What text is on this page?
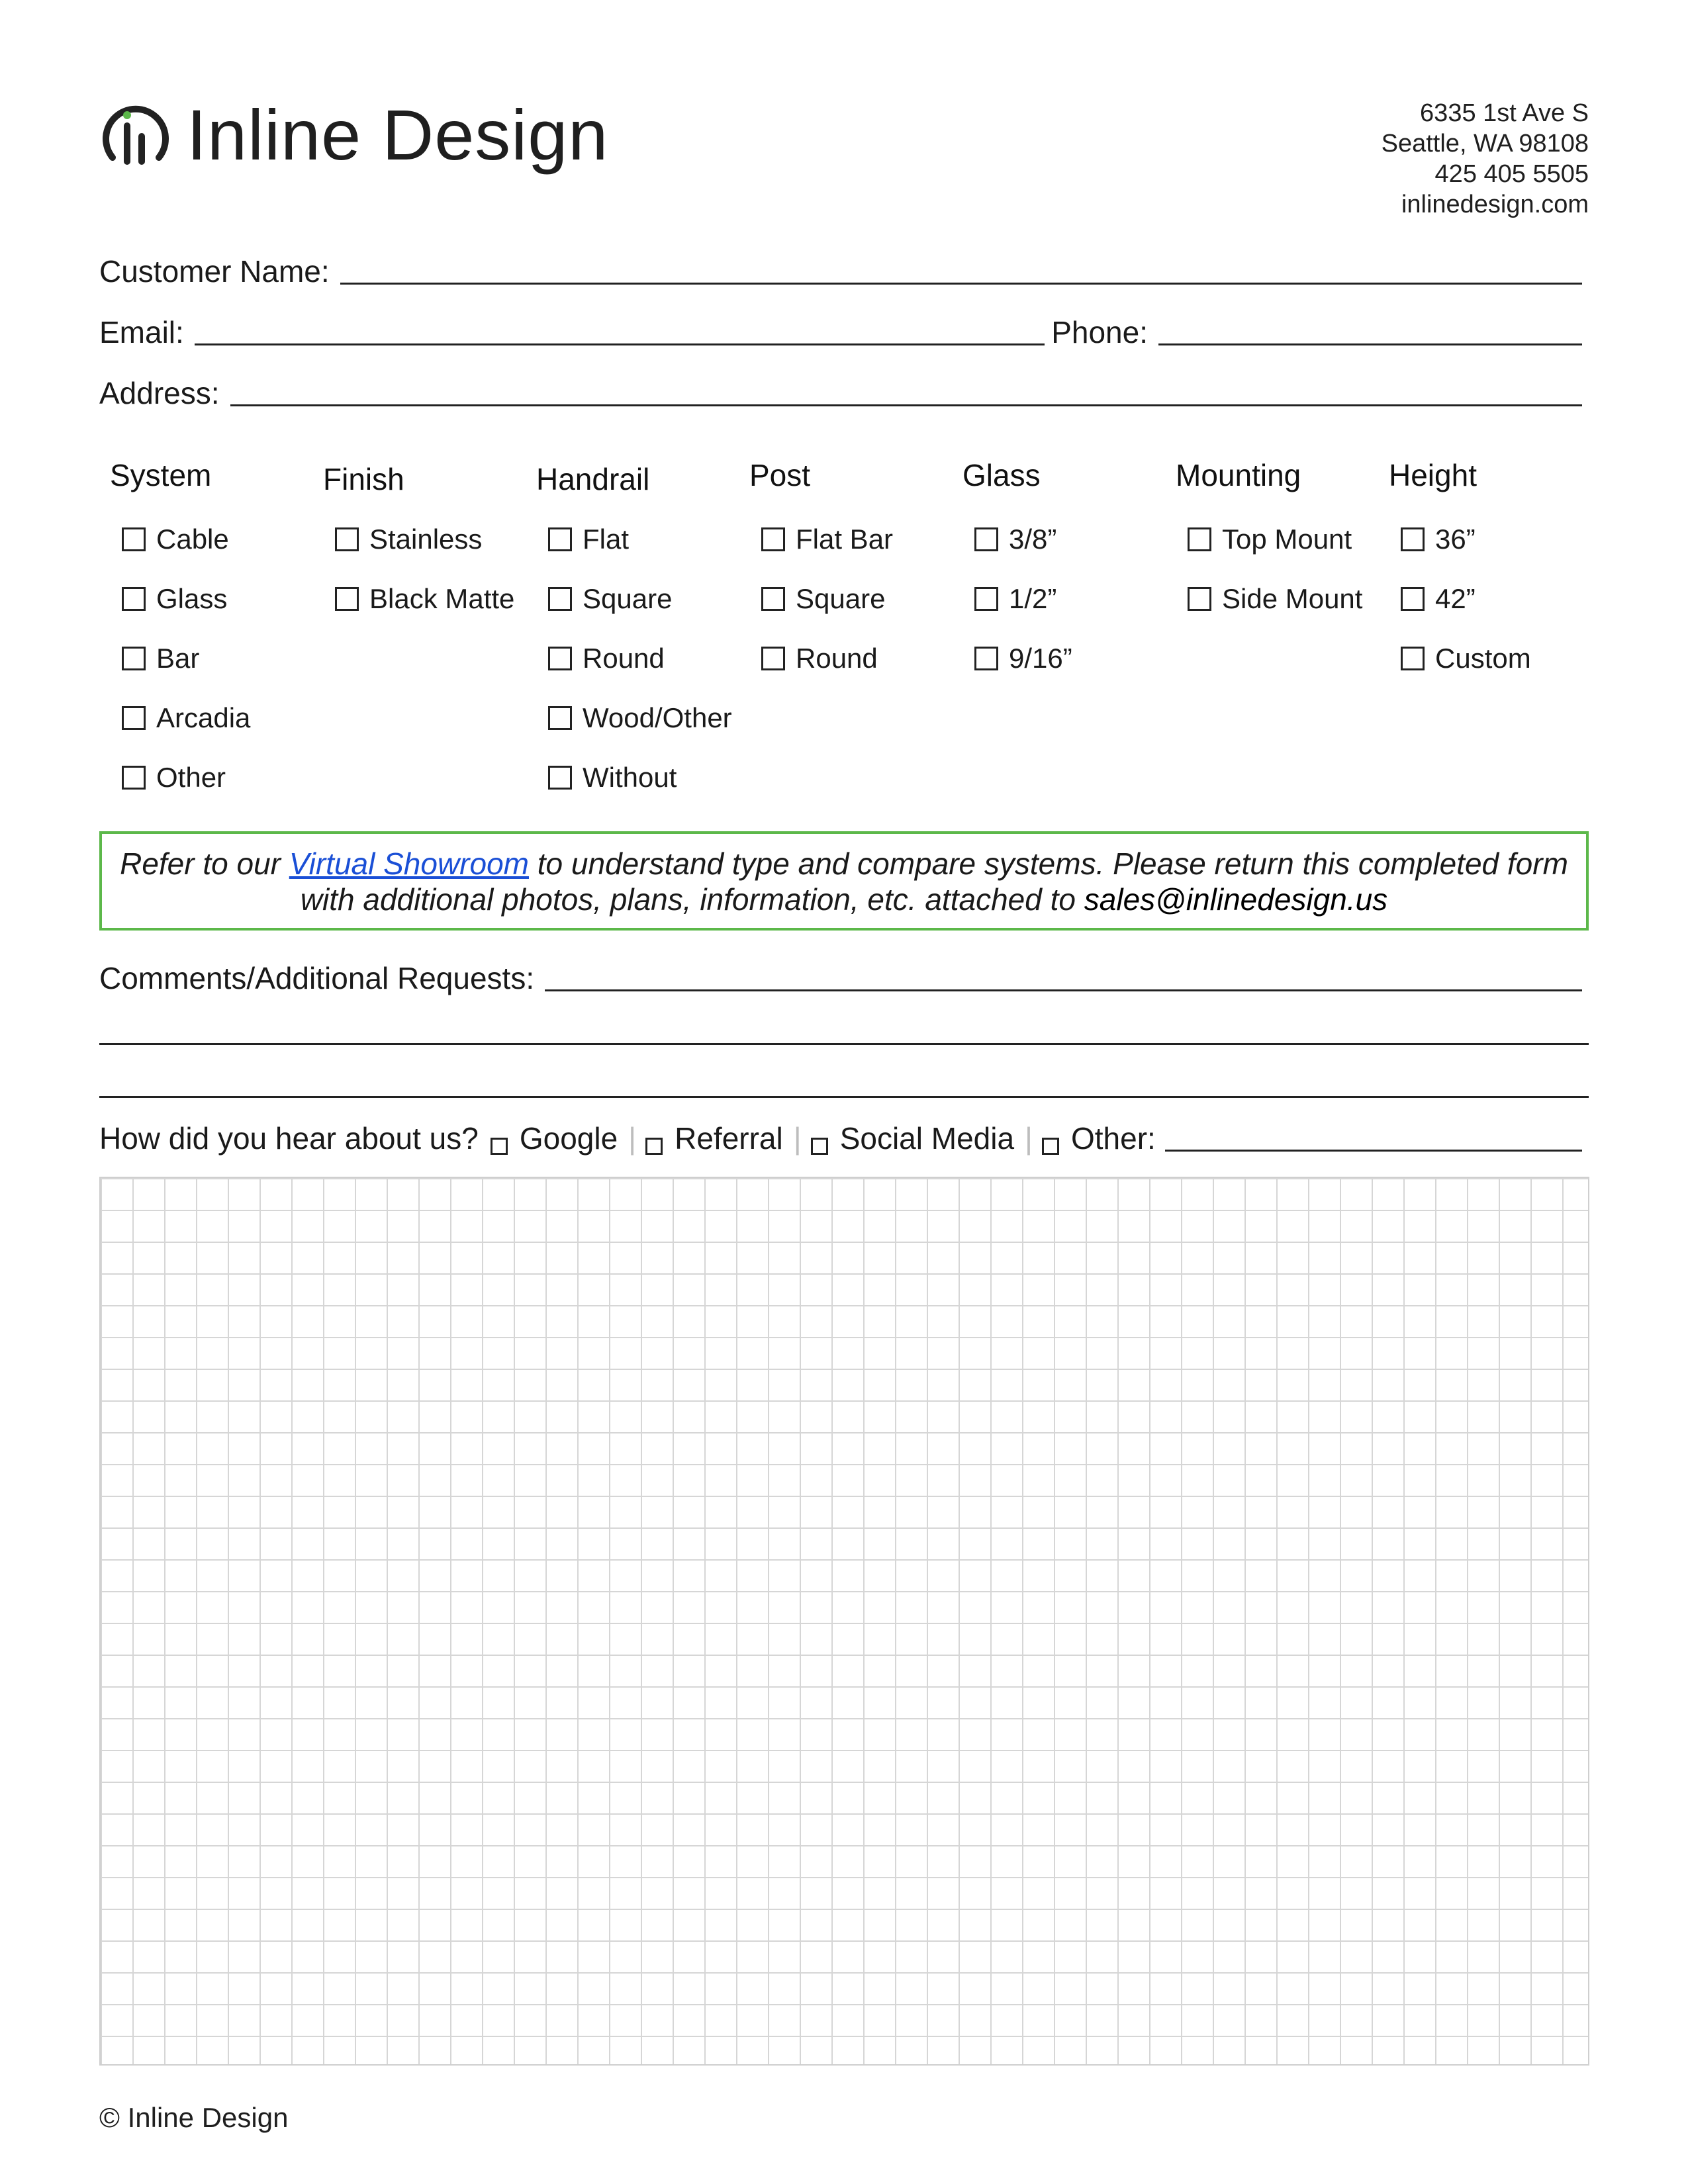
Inline Design	6335 1st Ave S
Seattle, WA 98108
425 405 5505
inlinedesign.com
Customer Name:
Email:	Phone:
Address:
System
Cable
Glass
Bar
Arcadia
Other
Finish
Stainless
Black Matte
Handrail
Flat
Square
Round
Wood/Other
Without
Post
Flat Bar
Square
Round
Glass
3/8”
1/2”
9/16”
Mounting
Top Mount
Side Mount
Height
36”
42”
Custom
Refer to our Virtual Showroom to understand type and compare systems. Please return this completed form
with additional photos, plans, information, etc. attached to sales@inlinedesign.us
Comments/Additional Requests:
How did you hear about us? Google | Referral | Social Media | Other:
© Inline Design
